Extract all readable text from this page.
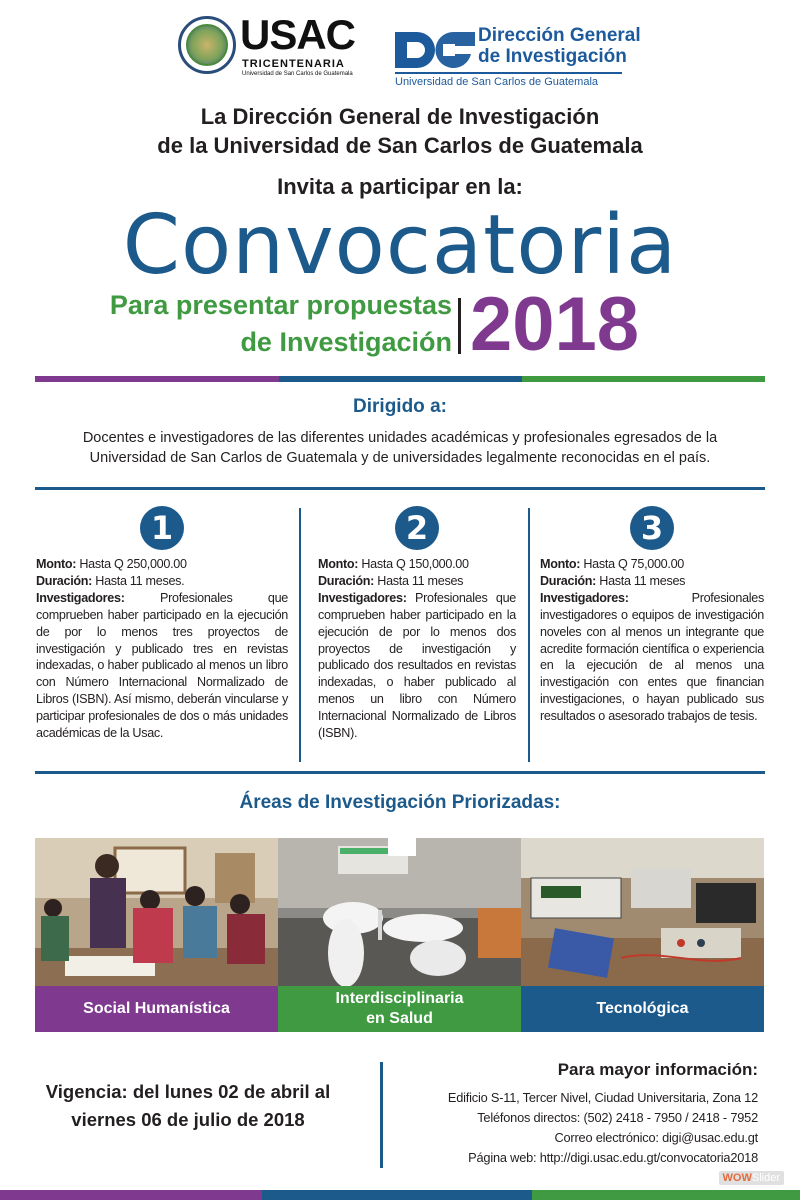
USAC
TRICENTENARIA
Universidad de San Carlos de Guatemala
Dirección General
de Investigación
Universidad de San Carlos de Guatemala
La Dirección General de Investigación
de la Universidad de San Carlos de Guatemala
Invita a participar en la:
Convocatoria
Para presentar propuestas
de Investigación 2018
Dirigido a:
Docentes e investigadores de las diferentes unidades académicas y profesionales egresados de la Universidad de San Carlos de Guatemala y de universidades legalmente reconocidas en el país.
1

Monto: Hasta Q 250,000.00

Duración: Hasta 11 meses.

Investigadores: Profesionales que comprueben haber participado en la ejecución de por lo menos tres proyectos de investigación y publicado tres en revistas indexadas, o haber publicado al menos un libro con Número Internacional Normalizado de Libros (ISBN). Así mismo, deberán vincularse y participar profesionales de dos o más unidades académicas de la Usac.

2

Monto: Hasta Q 150,000.00

Duración: Hasta 11 meses

Investigadores: Profesionales que comprueben haber participado en la ejecución de por lo menos dos proyectos de investigación y publicado dos resultados en revistas indexadas, o haber publicado al menos un libro con Número Internacional Normalizado de Libros (ISBN).

3

Monto: Hasta Q 75,000.00

Duración: Hasta 11 meses

Investigadores: Profesionales investigadores o equipos de investigación noveles con al menos un integrante que acredite formación científica o experiencia en la ejecución de al menos una investigación con entes que financian investigaciones, o hayan publicado sus resultados o asesorado trabajos de tesis.

Áreas de Investigación Priorizadas:
Social Humanística
Interdisciplinaria
en Salud
Tecnológica
Vigencia: del lunes 02 de abril al
viernes 06 de julio de 2018
Para mayor información:
Edificio S-11, Tercer Nivel, Ciudad Universitaria, Zona 12
Teléfonos directos: (502) 2418 - 7950 / 2418 - 7952
Correo electrónico: digi@usac.edu.gt
Página web: http://digi.usac.edu.gt/convocatoria2018
WOWSlider
